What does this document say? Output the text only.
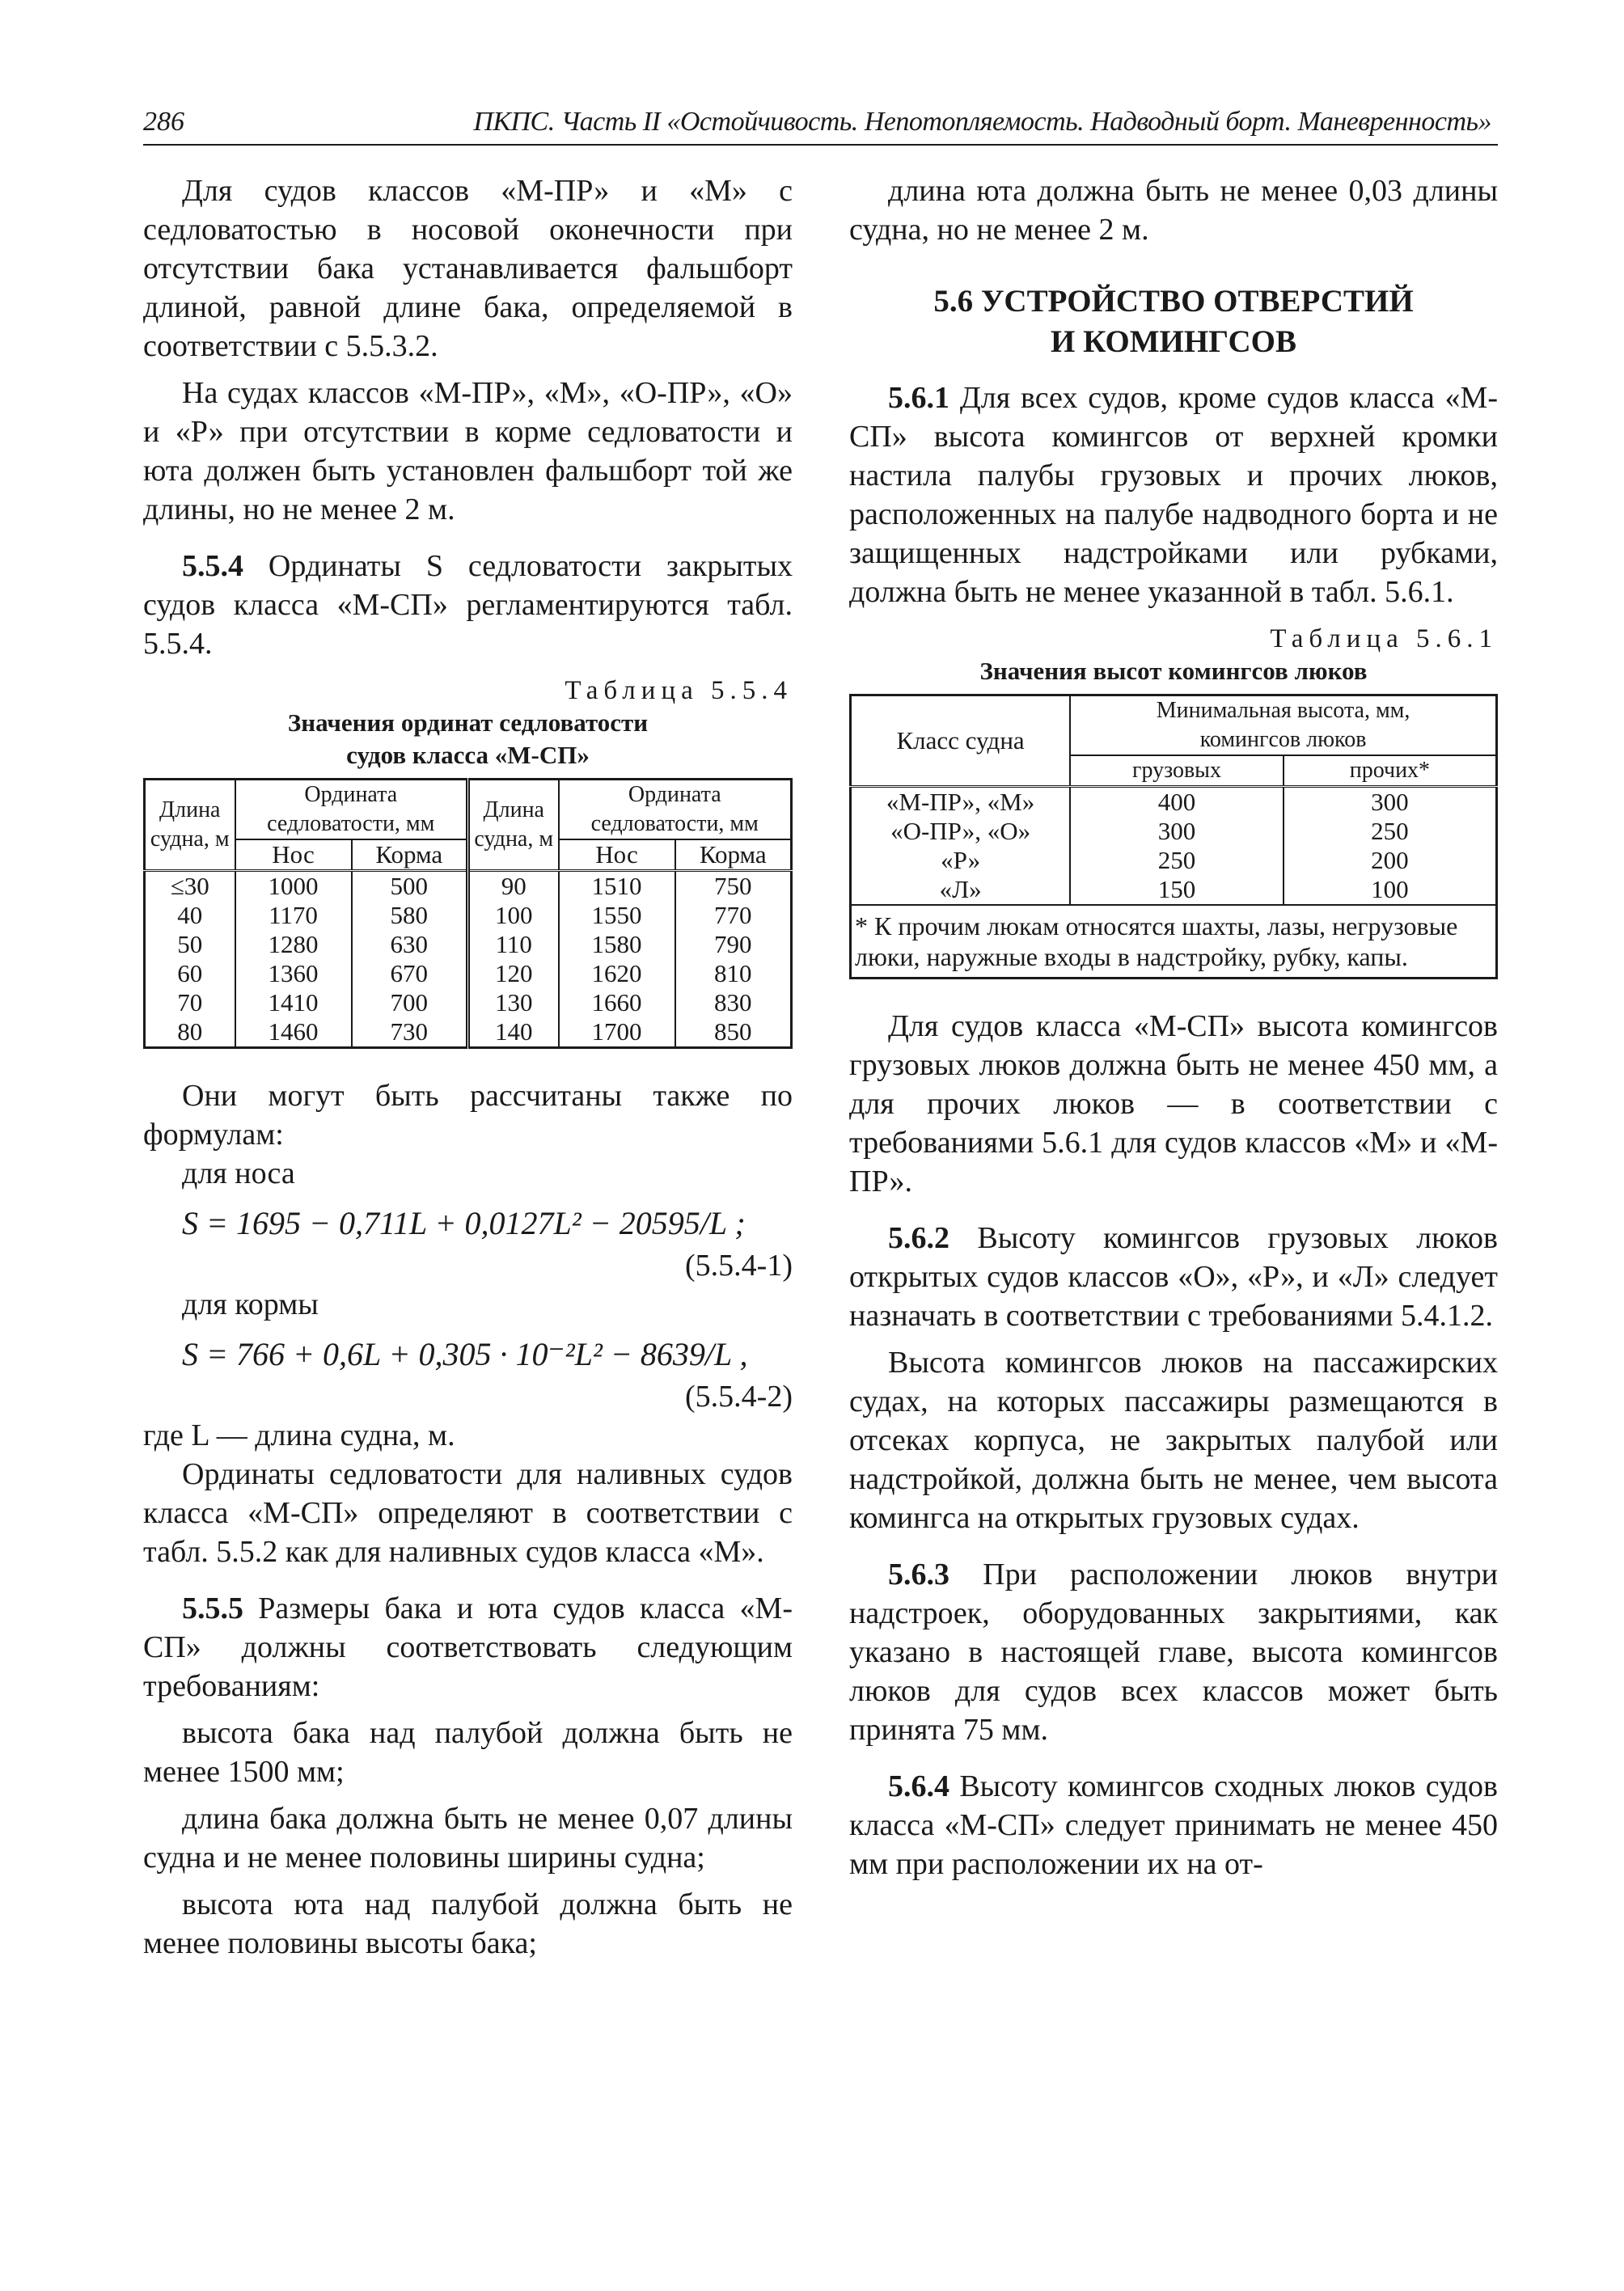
286	ПКПС. Часть II «Остойчивость. Непотопляемость. Надводный борт. Маневренность»

Для судов классов «М-ПР» и «М» с седловатостью в носовой оконечности при отсутствии бака устанавливается фальшборт длиной, равной длине бака, определяемой в соответствии с 5.5.3.2.

На судах классов «М-ПР», «М», «О-ПР», «О» и «Р» при отсутствии в корме седловатости и юта должен быть установлен фальшборт той же длины, но не менее 2 м.

5.5.4 Ординаты S седловатости закрытых судов класса «М-СП» регламентируются табл. 5.5.4.

Таблица 5.5.4
Значения ординат седловатости
судов класса «М-СП»
Длина судна, м	Ордината седловатости, мм		Длина судна, м	Ордината седловатости, мм	
	Нос	Корма		Нос	Корма
≤30	1000	500	90	1510	750
40	1170	580	100	1550	770
50	1280	630	110	1580	790
60	1360	670	120	1620	810
70	1410	700	130	1660	830
80	1460	730	140	1700	850

Они могут быть рассчитаны также по формулам:

для носа

S = 1695 − 0,711L + 0,0127L² − 20595/L ;
(5.5.4-1)

для кормы

S = 766 + 0,6L + 0,305 · 10⁻²L² − 8639/L ,
(5.5.4-2)

где L — длина судна, м.

Ординаты седловатости для наливных судов класса «М-СП» определяют в соответствии с табл. 5.5.2 как для наливных судов класса «М».

5.5.5 Размеры бака и юта судов класса «М-СП» должны соответствовать следующим требованиям:

высота бака над палубой должна быть не менее 1500 мм;

длина бака должна быть не менее 0,07 длины судна и не менее половины ширины судна;

высота юта над палубой должна быть не менее половины высоты бака;

длина юта должна быть не менее 0,03 длины судна, но не менее 2 м.

5.6 УСТРОЙСТВО ОТВЕРСТИЙ
И КОМИНГСОВ

5.6.1 Для всех судов, кроме судов класса «М-СП» высота комингсов от верхней кромки настила палубы грузовых и прочих люков, расположенных на палубе надводного борта и не защищенных надстройками или рубками, должна быть не менее указанной в табл. 5.6.1.

Таблица 5.6.1
Значения высот комингсов люков
Класс судна	Минимальная высота, мм,
комингсов люков	

	грузовых	прочих*
«М-ПР», «М»	400	300
«О-ПР», «О»	300	250
«Р»	250	200
«Л»	150	100
* К прочим люкам относятся шахты, лазы, негрузовые люки, наружные входы в надстройку, рубку, капы.		

Для судов класса «М-СП» высота комингсов грузовых люков должна быть не менее 450 мм, а для прочих люков — в соответствии с требованиями 5.6.1 для судов классов «М» и «М-ПР».

5.6.2 Высоту комингсов грузовых люков открытых судов классов «О», «Р», и «Л» следует назначать в соответствии с требованиями 5.4.1.2.

Высота комингсов люков на пассажирских судах, на которых пассажиры размещаются в отсеках корпуса, не закрытых палубой или надстройкой, должна быть не менее, чем высота комингса на открытых грузовых судах.

5.6.3 При расположении люков внутри надстроек, оборудованных закрытиями, как указано в настоящей главе, высота комингсов люков для судов всех классов может быть принята 75 мм.

5.6.4 Высоту комингсов сходных люков судов класса «М-СП» следует принимать не менее 450 мм при расположении их на от-
